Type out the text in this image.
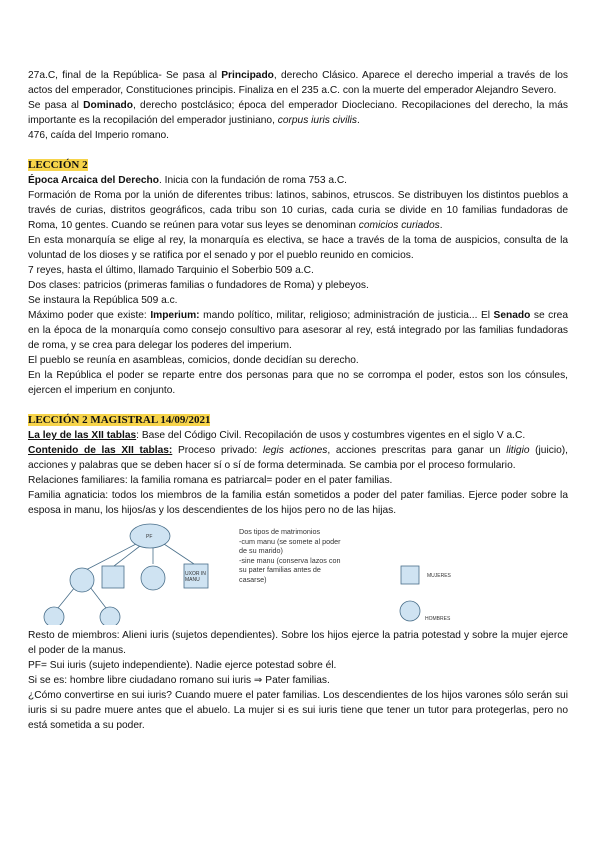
27a.C, final de la República- Se pasa al Principado, derecho Clásico. Aparece el derecho imperial a través de los actos del emperador, Constituciones principis. Finaliza en el 235 a.C. con la muerte del emperador Alejandro Severo.

Se pasa al Dominado, derecho postclásico; época del emperador Diocleciano. Recopilaciones del derecho, la más importante es la recopilación del emperador justiniano, corpus iuris civilis.

476, caída del Imperio romano.

LECCIÓN 2

Época Arcaica del Derecho. Inicia con la fundación de roma 753 a.C.

Formación de Roma por la unión de diferentes tribus: latinos, sabinos, etruscos. Se distribuyen los distintos pueblos a través de curias, distritos geográficos, cada tribu son 10 curias, cada curia se divide en 10 familias fundadoras de Roma, 10 gentes. Cuando se reúnen para votar sus leyes se denominan comicios curiados.

En esta monarquía se elige al rey, la monarquía es electiva, se hace a través de la toma de auspicios, consulta de la voluntad de los dioses y se ratifica por el senado y por el pueblo reunido en comicios.

7 reyes, hasta el último, llamado Tarquinio el Soberbio 509 a.C.

Dos clases: patricios (primeras familias o fundadores de Roma) y plebeyos.

Se instaura la República 509 a.c.

Máximo poder que existe: Imperium: mando político, militar, religioso; administración de justicia... El Senado se crea en la época de la monarquía como consejo consultivo para asesorar al rey, está integrado por las familias fundadoras de roma, y se crea para delegar los poderes del imperium.

El pueblo se reunía en asambleas, comicios, donde decidían su derecho.

En la República el poder se reparte entre dos personas para que no se corrompa el poder, estos son los cónsules, ejercen el imperium en conjunto.

LECCIÓN 2 MAGISTRAL 14/09/2021

La ley de las XII tablas: Base del Código Civil. Recopilación de usos y costumbres vigentes en el siglo V a.C.

Contenido de las XII tablas: Proceso privado: legis actiones, acciones prescritas para ganar un litigio (juicio), acciones y palabras que se deben hacer sí o sí de forma determinada. Se cambia por el proceso formulario.

Relaciones familiares: la familia romana es patriarcal= poder en el pater familias.

Familia agnaticia: todos los miembros de la familia están sometidos a poder del pater familias. Ejerce poder sobre la esposa in manu, los hijos/as y los descendientes de los hijos pero no de las hijas.

PF
UXOR IN
MANU
MUJERES
HOMBRES
Dos tipos de matrimonios
-cum manu (se somete al poder
de su marido)
-sine manu (conserva lazos con
su pater familias antes de
casarse)

Resto de miembros: Alieni iuris (sujetos dependientes). Sobre los hijos ejerce la patria potestad y sobre la mujer ejerce el poder de la manus.

PF= Sui iuris (sujeto independiente). Nadie ejerce potestad sobre él.

Si se es: hombre libre ciudadano romano sui iuris ⇒ Pater familias.

¿Cómo convertirse en sui iuris? Cuando muere el pater familias. Los descendientes de los hijos varones sólo serán sui iuris si su padre muere antes que el abuelo. La mujer si es sui iuris tiene que tener un tutor para protegerlas, pero no está sometida a su poder.
